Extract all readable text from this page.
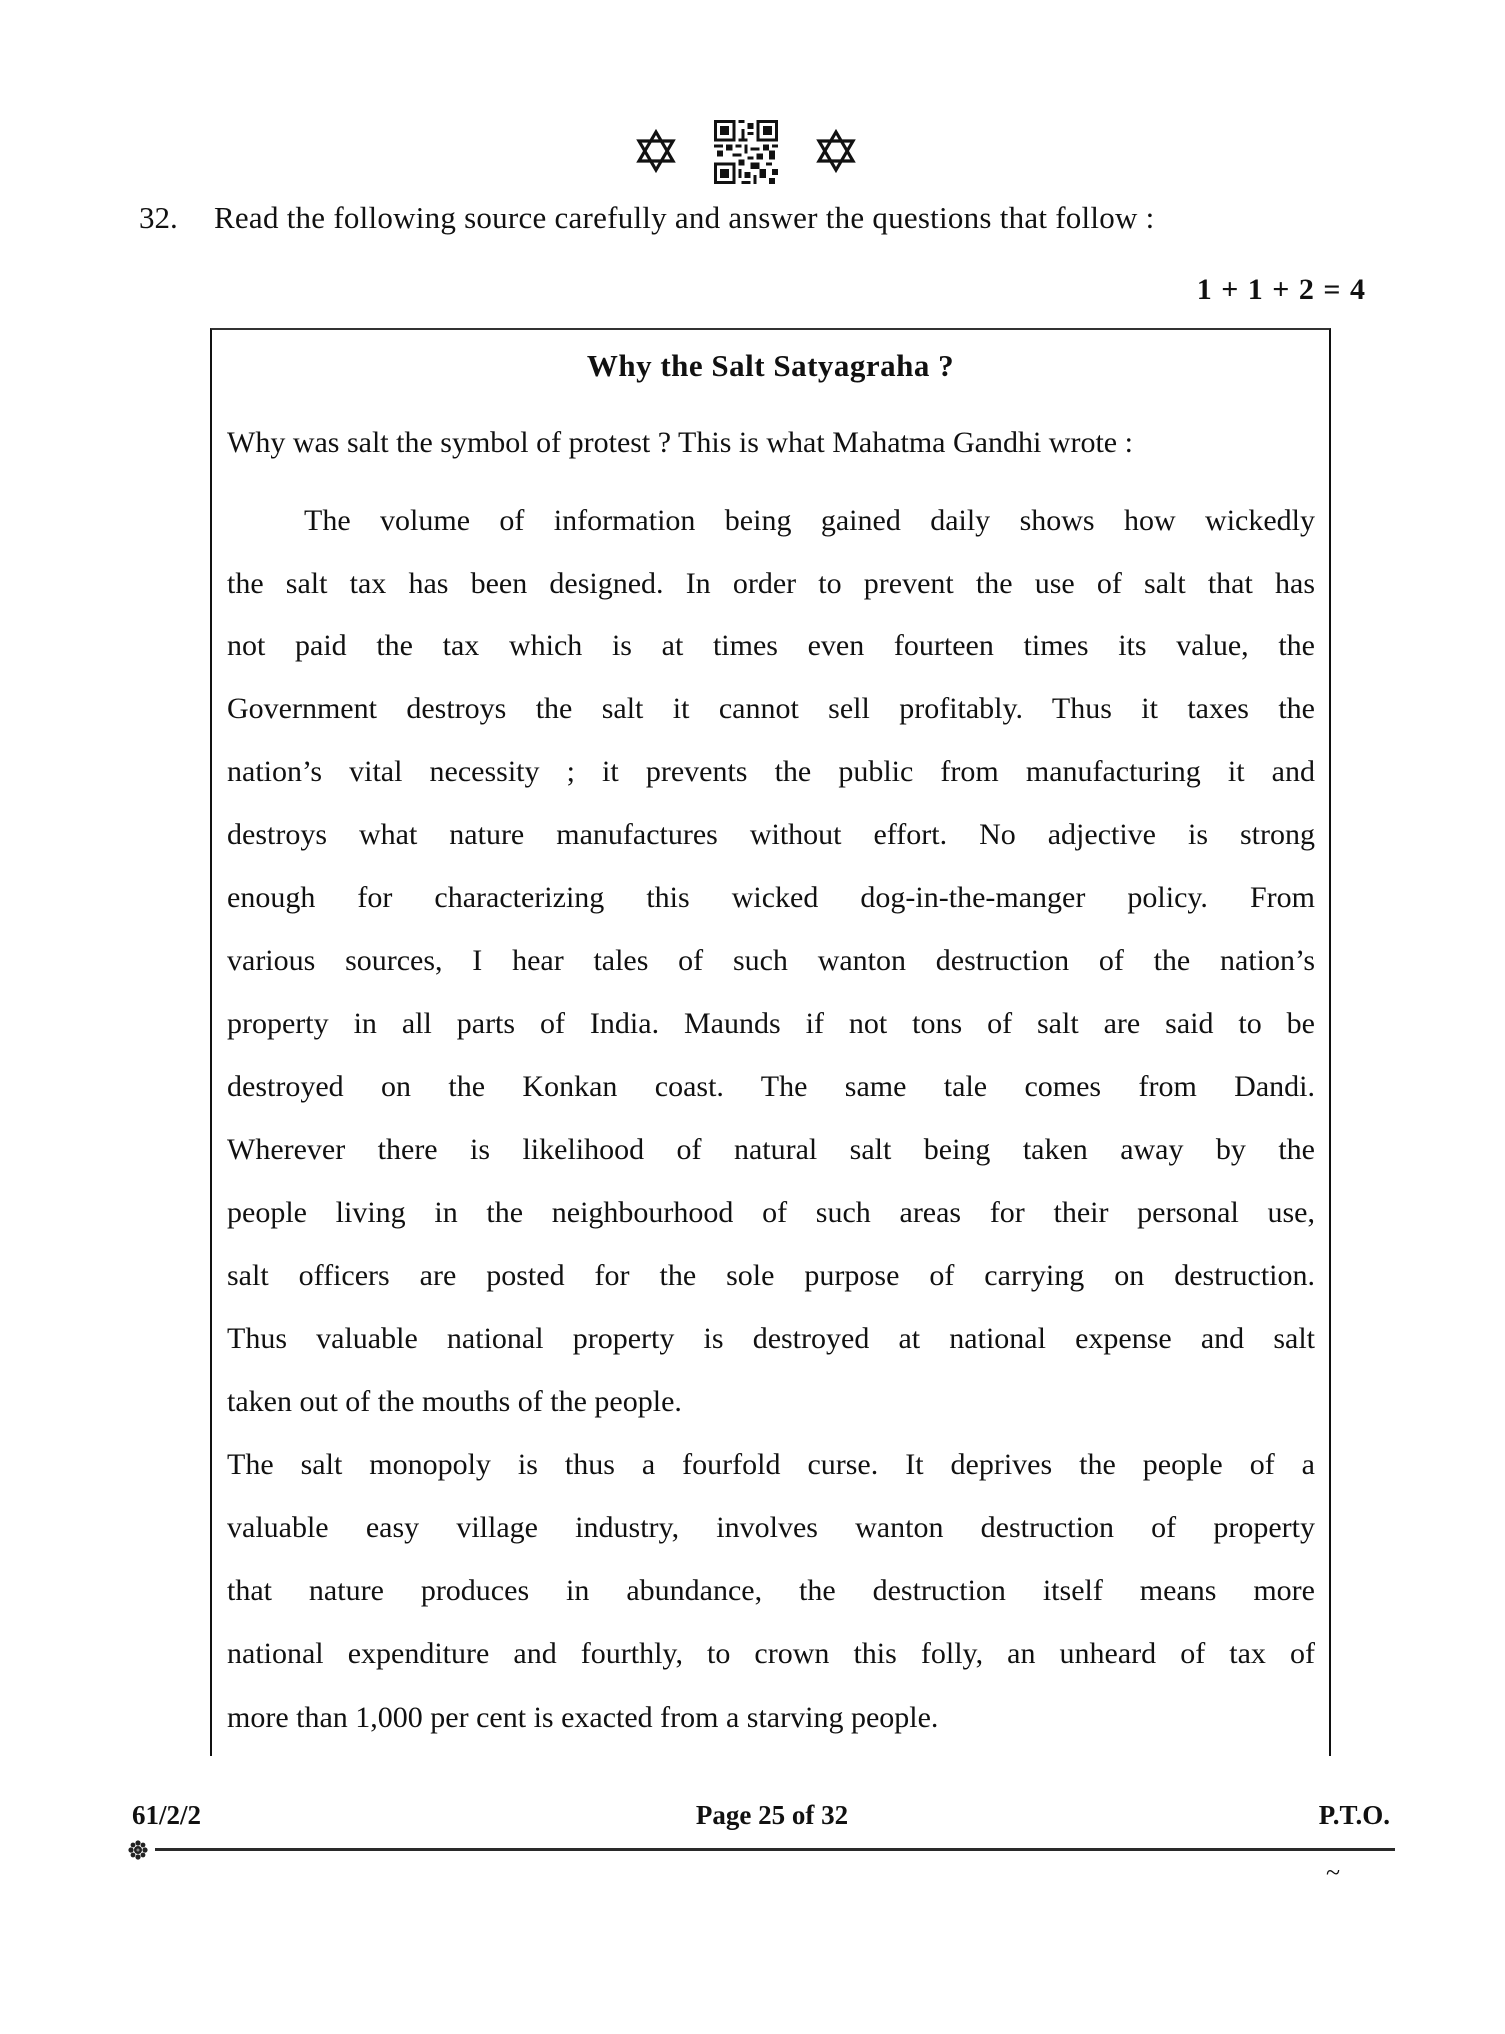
32. Read the following source carefully and answer the questions that follow :
1 + 1 + 2 = 4
Why the Salt Satyagraha ?
Why was salt the symbol of protest ? This is what Mahatma Gandhi wrote :
The volume of information being gained daily shows how wickedly
the salt tax has been designed. In order to prevent the use of salt that has
not paid the tax which is at times even fourteen times its value, the
Government destroys the salt it cannot sell profitably. Thus it taxes the
nation’s vital necessity ; it prevents the public from manufacturing it and
destroys what nature manufactures without effort. No adjective is strong
enough for characterizing this wicked dog-in-the-manger policy. From
various sources, I hear tales of such wanton destruction of the nation’s
property in all parts of India. Maunds if not tons of salt are said to be
destroyed on the Konkan coast. The same tale comes from Dandi.
Wherever there is likelihood of natural salt being taken away by the
people living in the neighbourhood of such areas for their personal use,
salt officers are posted for the sole purpose of carrying on destruction.
Thus valuable national property is destroyed at national expense and salt
taken out of the mouths of the people.
The salt monopoly is thus a fourfold curse. It deprives the people of a
valuable easy village industry, involves wanton destruction of property
that nature produces in abundance, the destruction itself means more
national expenditure and fourthly, to crown this folly, an unheard of tax of
more than 1,000 per cent is exacted from a starving people.
61/2/2	Page 25 of 32	P.T.O.
~
